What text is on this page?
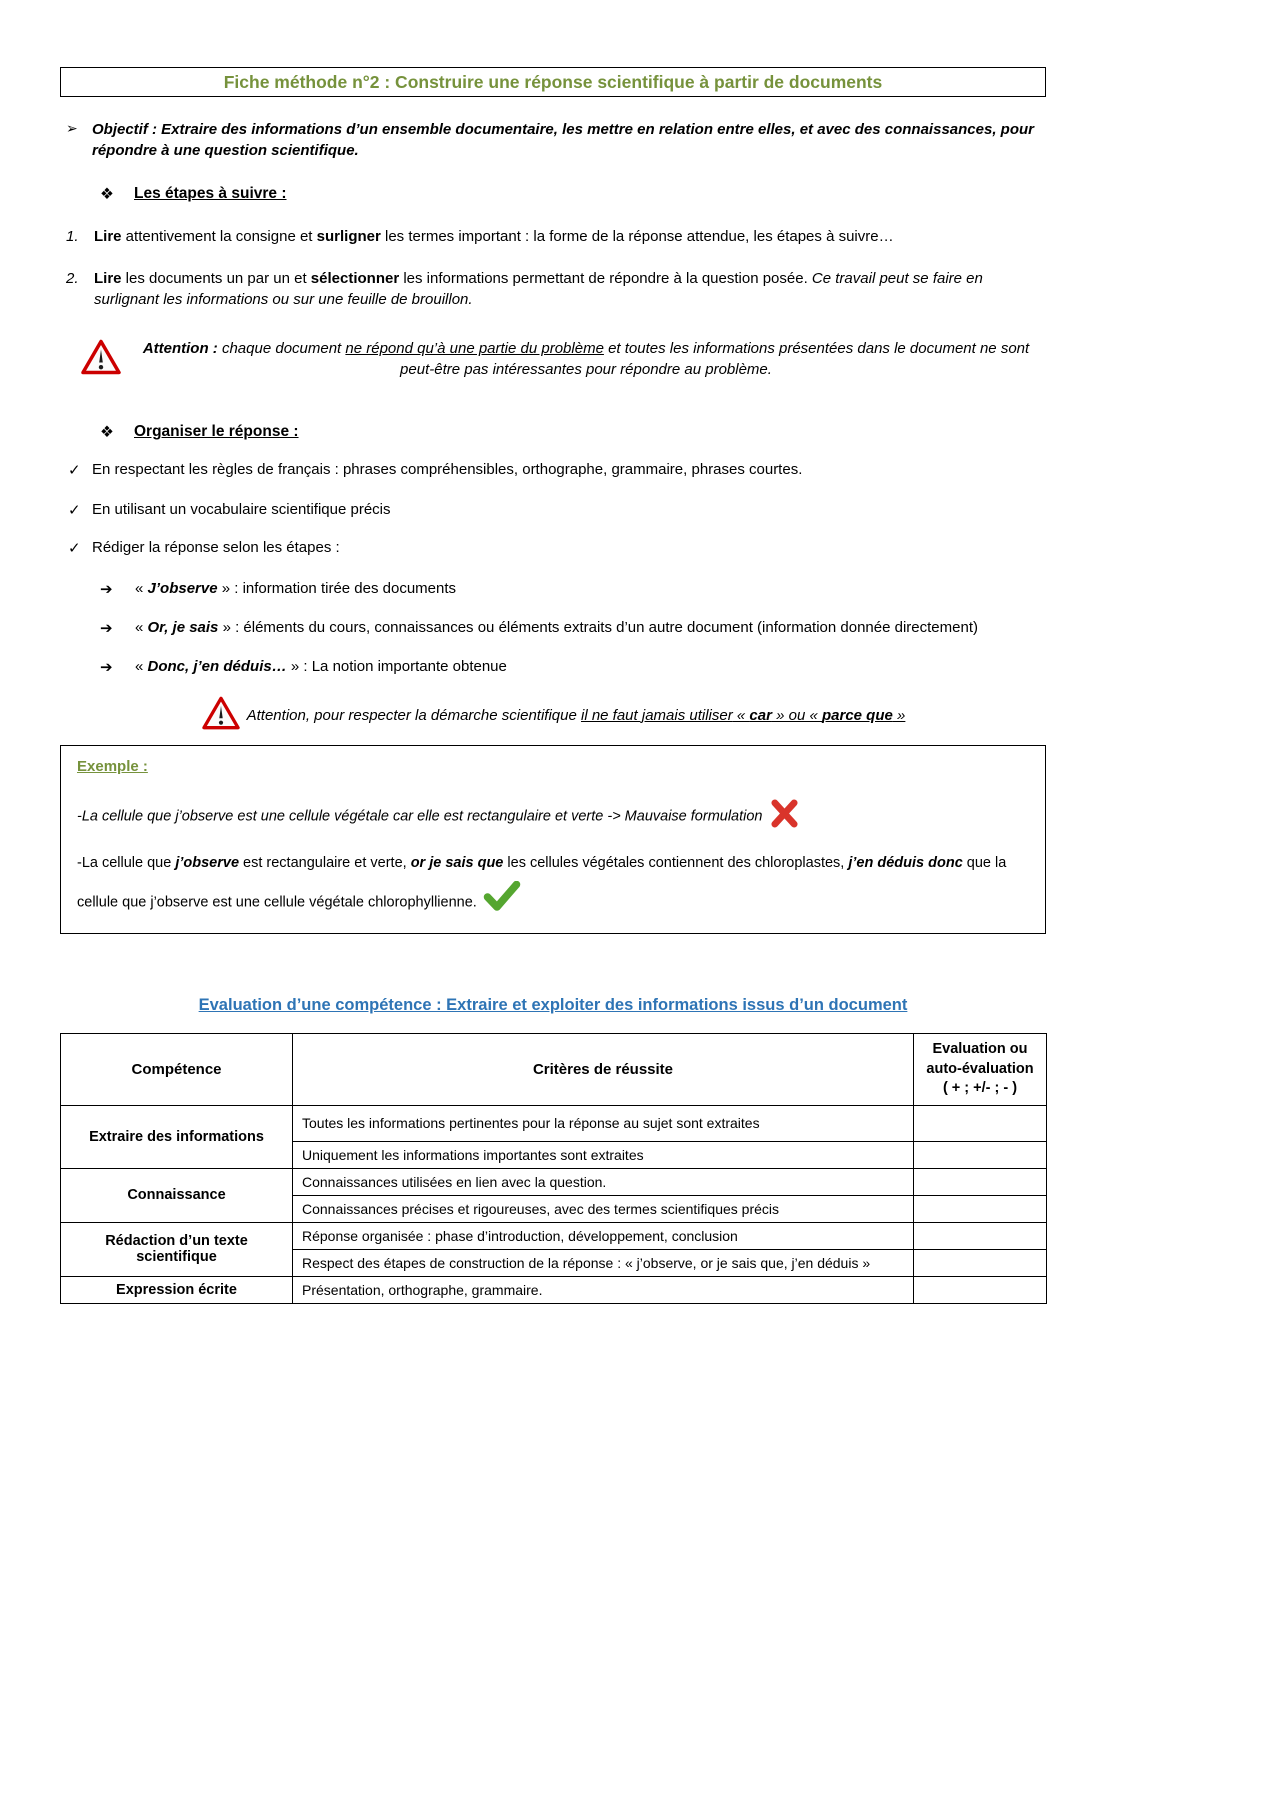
Fiche méthode n°2 : Construire une réponse scientifique à partir de documents
➢ Objectif : Extraire des informations d’un ensemble documentaire, les mettre en relation entre elles, et avec des connaissances, pour répondre à une question scientifique.
❖	Les étapes à suivre :
1.	Lire attentivement la consigne et surligner les termes important : la forme de la réponse attendue, les étapes à suivre…
2.	Lire les documents un par un et sélectionner les informations permettant de répondre à la question posée. Ce travail peut se faire en surlignant les informations ou sur une feuille de brouillon.
Attention : chaque document ne répond qu’à une partie du problème et toutes les informations présentées dans le document ne sont peut-être pas intéressantes pour répondre au problème.
❖	Organiser le réponse :
✓ En respectant les règles de français : phrases compréhensibles, orthographe, grammaire, phrases courtes.
✓ En utilisant un vocabulaire scientifique précis
✓ Rédiger la réponse selon les étapes :
➔	« J’observe » : information tirée des documents
➔	« Or, je sais » : éléments du cours, connaissances ou éléments extraits d’un autre document (information donnée directement)
➔	« Donc, j’en déduis… » : La notion importante obtenue
Attention, pour respecter la démarche scientifique il ne faut jamais utiliser « car » ou « parce que »
Exemple :
-La cellule que j’observe est une cellule végétale car elle est rectangulaire et verte -> Mauvaise formulation
-La cellule que j’observe est rectangulaire et verte, or je sais que les cellules végétales contiennent des chloroplastes, j’en déduis donc que la cellule que j’observe est une cellule végétale chlorophyllienne.
Evaluation d’une compétence : Extraire et exploiter des informations issus d’un document
Compétence	Critères de réussite	Evaluation ou
auto-évaluation
( + ; +/- ; - )

Extraire des informations	Toutes les informations pertinentes pour la réponse au sujet sont extraites	
	Uniquement les informations importantes sont extraites	
Connaissance	Connaissances utilisées en lien avec la question.	
	Connaissances précises et rigoureuses, avec des termes scientifiques précis	
Rédaction d’un texte scientifique	Réponse organisée : phase d’introduction, développement, conclusion	
	Respect des étapes de construction de la réponse : « j’observe, or je sais que, j’en déduis »	
Expression écrite	Présentation, orthographe, grammaire.	
